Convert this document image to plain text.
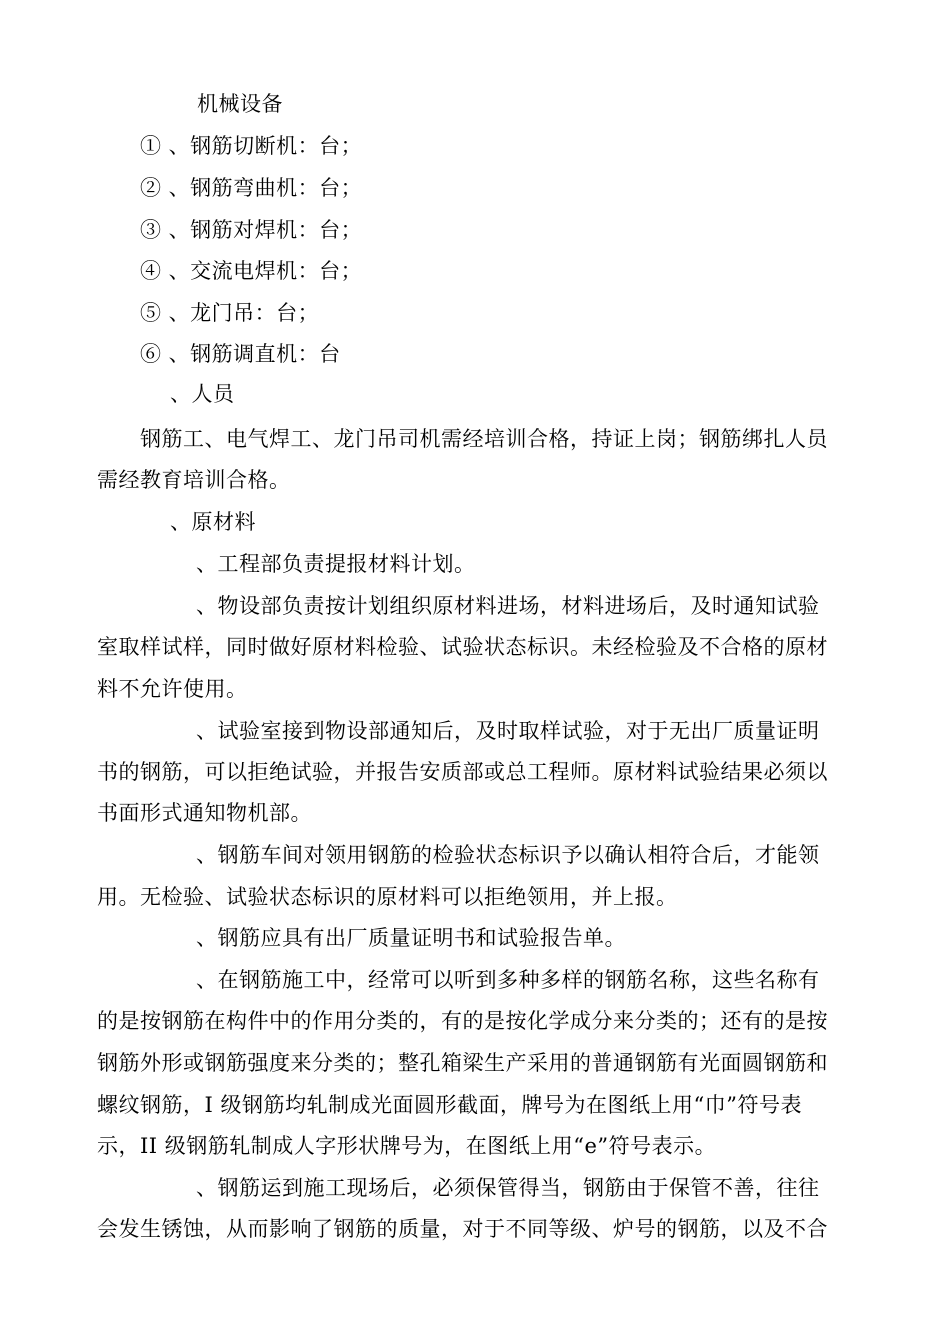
机械设备
① 、钢筋切断机：台；
② 、钢筋弯曲机：台；
③ 、钢筋对焊机：台；
④ 、交流电焊机：台；
⑤ 、龙门吊：台；
⑥ 、钢筋调直机：台
、人员
钢筋工、电气焊工、龙门吊司机需经培训合格，持证上岗；钢筋绑扎人员
需经教育培训合格。
、原材料
、工程部负责提报材料计划。
、物设部负责按计划组织原材料进场，材料进场后，及时通知试验
室取样试样，同时做好原材料检验、试验状态标识。未经检验及不合格的原材
料不允许使用。
、试验室接到物设部通知后，及时取样试验，对于无出厂质量证明
书的钢筋，可以拒绝试验，并报告安质部或总工程师。原材料试验结果必须以
书面形式通知物机部。
、钢筋车间对领用钢筋的检验状态标识予以确认相符合后，才能领
用。无检验、试验状态标识的原材料可以拒绝领用，并上报。
、钢筋应具有出厂质量证明书和试验报告单。
、在钢筋施工中，经常可以听到多种多样的钢筋名称，这些名称有
的是按钢筋在构件中的作用分类的，有的是按化学成分来分类的；还有的是按
钢筋外形或钢筋强度来分类的；整孔箱梁生产采用的普通钢筋有光面圆钢筋和
螺纹钢筋，I 级钢筋均轧制成光面圆形截面，牌号为在图纸上用“巾”符号表
示，II 级钢筋轧制成人字形状牌号为，在图纸上用“e”符号表示。
、钢筋运到施工现场后，必须保管得当，钢筋由于保管不善，往往
会发生锈蚀，从而影响了钢筋的质量，对于不同等级、炉号的钢筋，以及不合
